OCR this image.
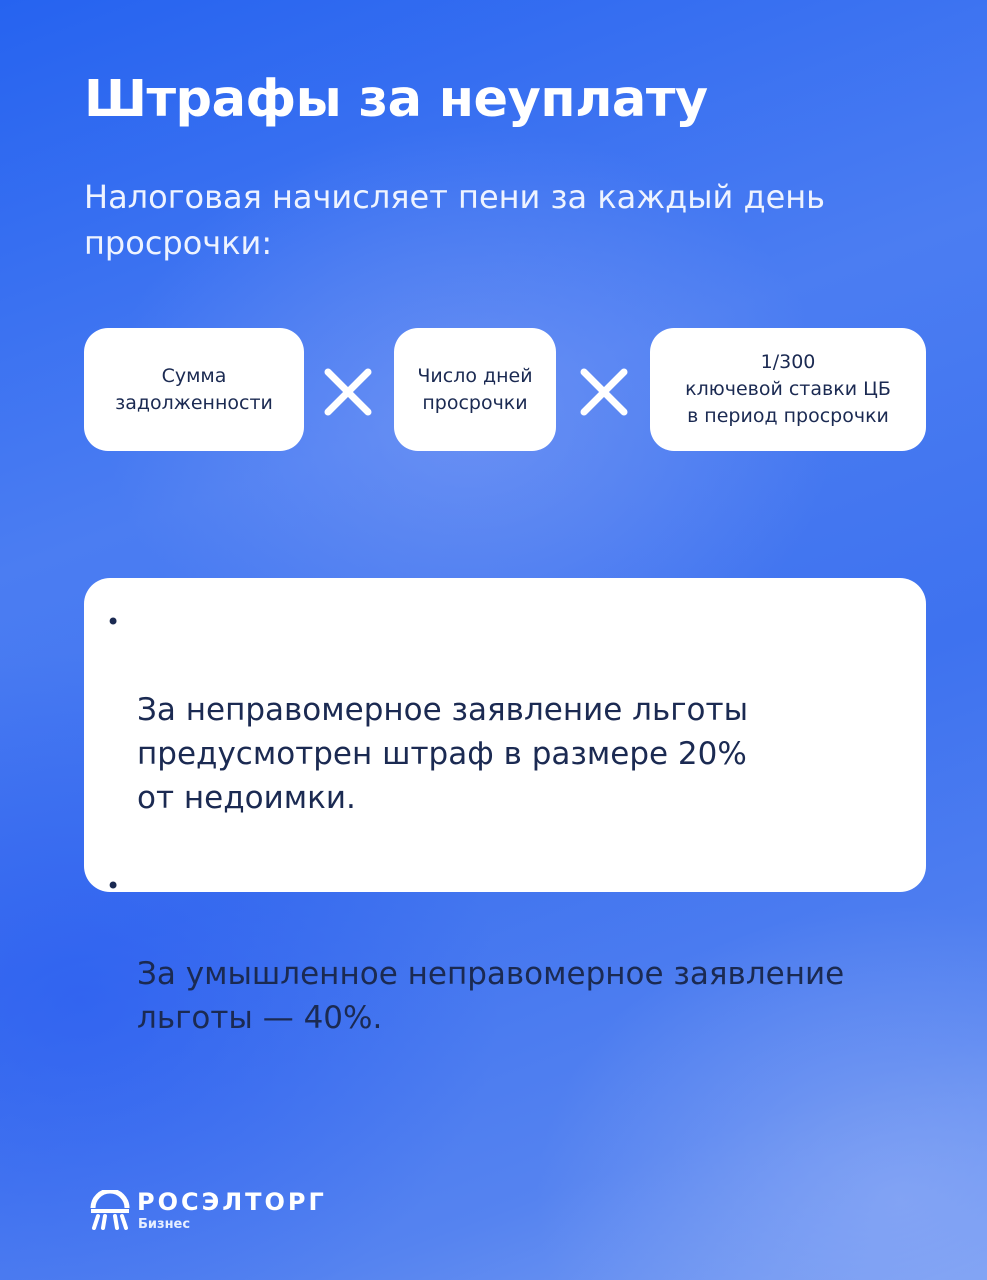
Штрафы за неуплату

Налоговая начисляет пени за каждый день просрочки:

Сумма
задолженности
Число дней
просрочки
1/300
ключевой ставки ЦБ
в период просрочки

•

За неправомерное заявление льготы
предусмотрен штраф в размере 20%
от недоимки.

•

За умышленное неправомерное заявление
льготы — 40%.

РОСЭЛТОРГ
Бизнес
